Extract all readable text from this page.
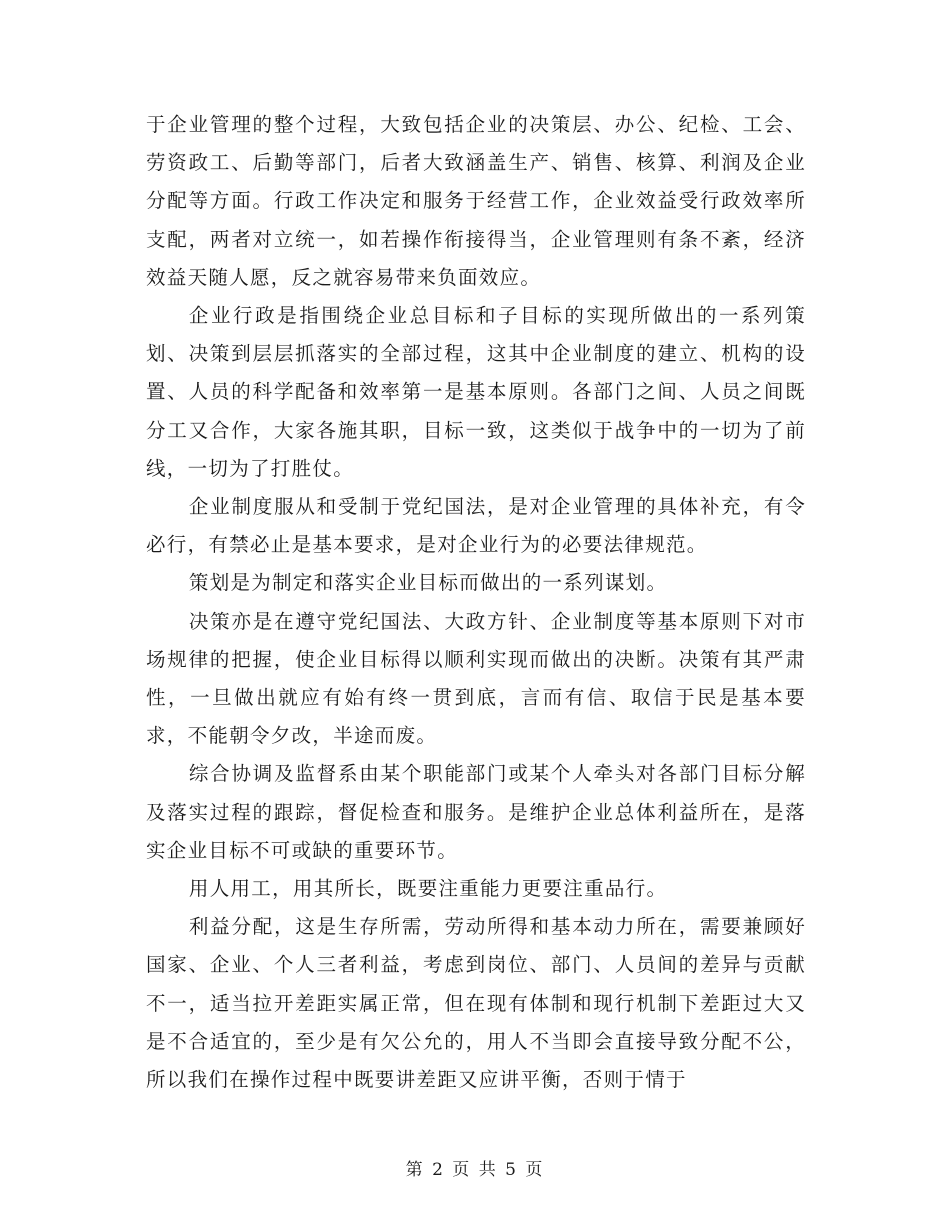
于企业管理的整个过程，大致包括企业的决策层、办公、纪检、工会、劳资政工、后勤等部门，后者大致涵盖生产、销售、核算、利润及企业分配等方面。行政工作决定和服务于经营工作，企业效益受行政效率所支配，两者对立统一，如若操作衔接得当，企业管理则有条不紊，经济效益天随人愿，反之就容易带来负面效应。

企业行政是指围绕企业总目标和子目标的实现所做出的一系列策划、决策到层层抓落实的全部过程，这其中企业制度的建立、机构的设置、人员的科学配备和效率第一是基本原则。各部门之间、人员之间既分工又合作，大家各施其职，目标一致，这类似于战争中的一切为了前线，一切为了打胜仗。

企业制度服从和受制于党纪国法，是对企业管理的具体补充，有令必行，有禁必止是基本要求，是对企业行为的必要法律规范。

策划是为制定和落实企业目标而做出的一系列谋划。

决策亦是在遵守党纪国法、大政方针、企业制度等基本原则下对市场规律的把握，使企业目标得以顺利实现而做出的决断。决策有其严肃性，一旦做出就应有始有终一贯到底，言而有信、取信于民是基本要求，不能朝令夕改，半途而废。

综合协调及监督系由某个职能部门或某个人牵头对各部门目标分解及落实过程的跟踪，督促检查和服务。是维护企业总体利益所在，是落实企业目标不可或缺的重要环节。

用人用工，用其所长，既要注重能力更要注重品行。

利益分配，这是生存所需，劳动所得和基本动力所在，需要兼顾好国家、企业、个人三者利益，考虑到岗位、部门、人员间的差异与贡献不一，适当拉开差距实属正常，但在现有体制和现行机制下差距过大又是不合适宜的，至少是有欠公允的，用人不当即会直接导致分配不公，所以我们在操作过程中既要讲差距又应讲平衡，否则于情于

第 2 页 共 5 页
